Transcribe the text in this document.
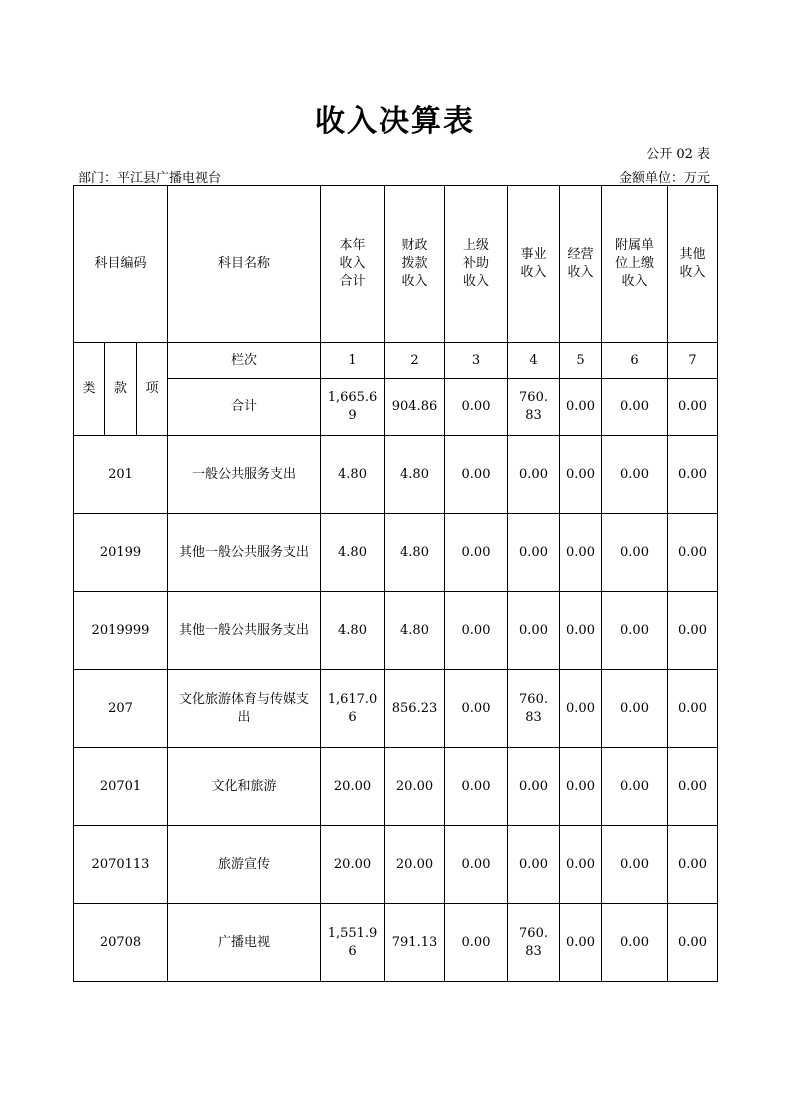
收入决算表
公开 02 表
部门：平江县广播电视台	金额单位：万元
科目编码			科目名称	本年收入合计	财政拨款收入	上级补助收入	事业收入	经营收入	附属单位上缴收入	其他收入
类	款	项	栏次	1	2	3	4	5	6	7
			合计	1,665.69	904.86	0.00	760.83	0.00	0.00	0.00
201			一般公共服务支出	4.80	4.80	0.00	0.00	0.00	0.00	0.00
20199			其他一般公共服务支出	4.80	4.80	0.00	0.00	0.00	0.00	0.00
2019999			其他一般公共服务支出	4.80	4.80	0.00	0.00	0.00	0.00	0.00
207			文化旅游体育与传媒支出	1,617.06	856.23	0.00	760.83	0.00	0.00	0.00
20701			文化和旅游	20.00	20.00	0.00	0.00	0.00	0.00	0.00
2070113			旅游宣传	20.00	20.00	0.00	0.00	0.00	0.00	0.00
20708			广播电视	1,551.96	791.13	0.00	760.83	0.00	0.00	0.00
